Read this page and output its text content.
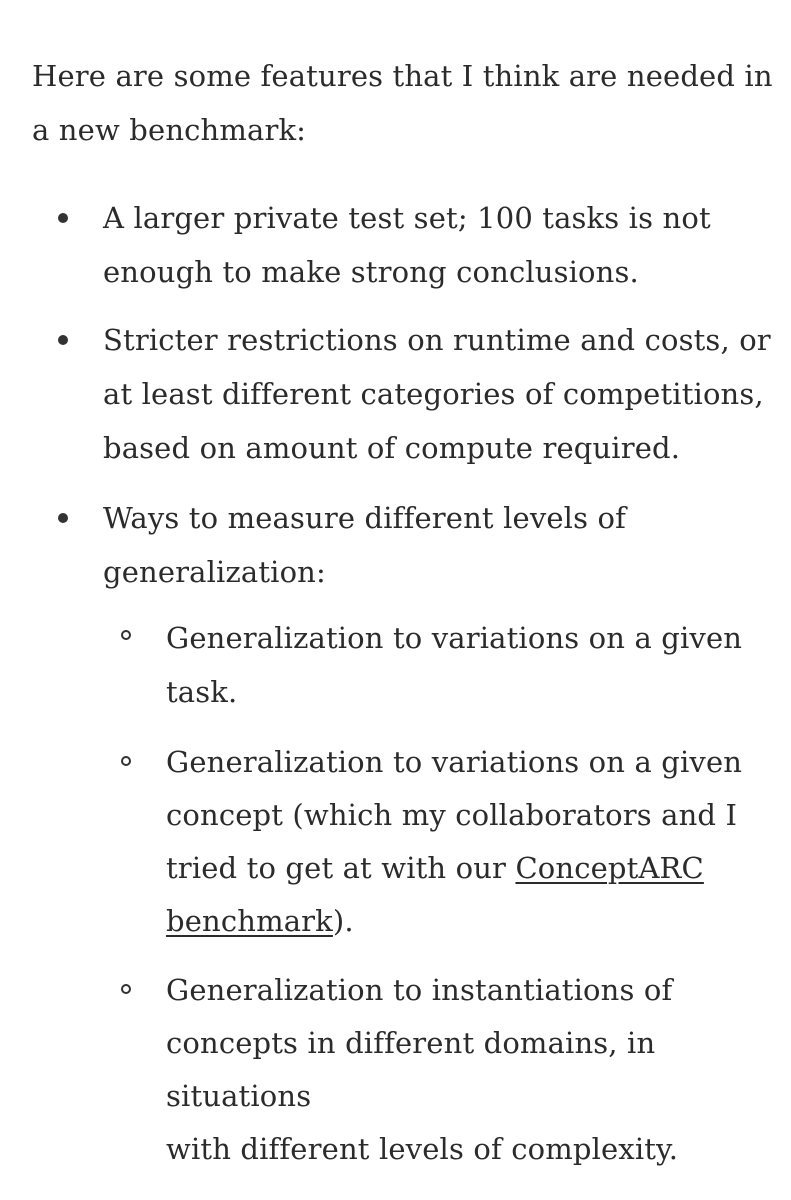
Here are some features that I think are needed in
a new benchmark:
A larger private test set; 100 tasks is not
enough to make strong conclusions.
Stricter restrictions on runtime and costs, or
at least different categories of competitions,
based on amount of compute required.
Ways to measure different levels of
generalization:
Generalization to variations on a given
task.
Generalization to variations on a given
concept (which my collaborators and I
tried to get at with our ConceptARC
benchmark).
Generalization to instantiations of
concepts in different domains, in
situations
with different levels of complexity.
